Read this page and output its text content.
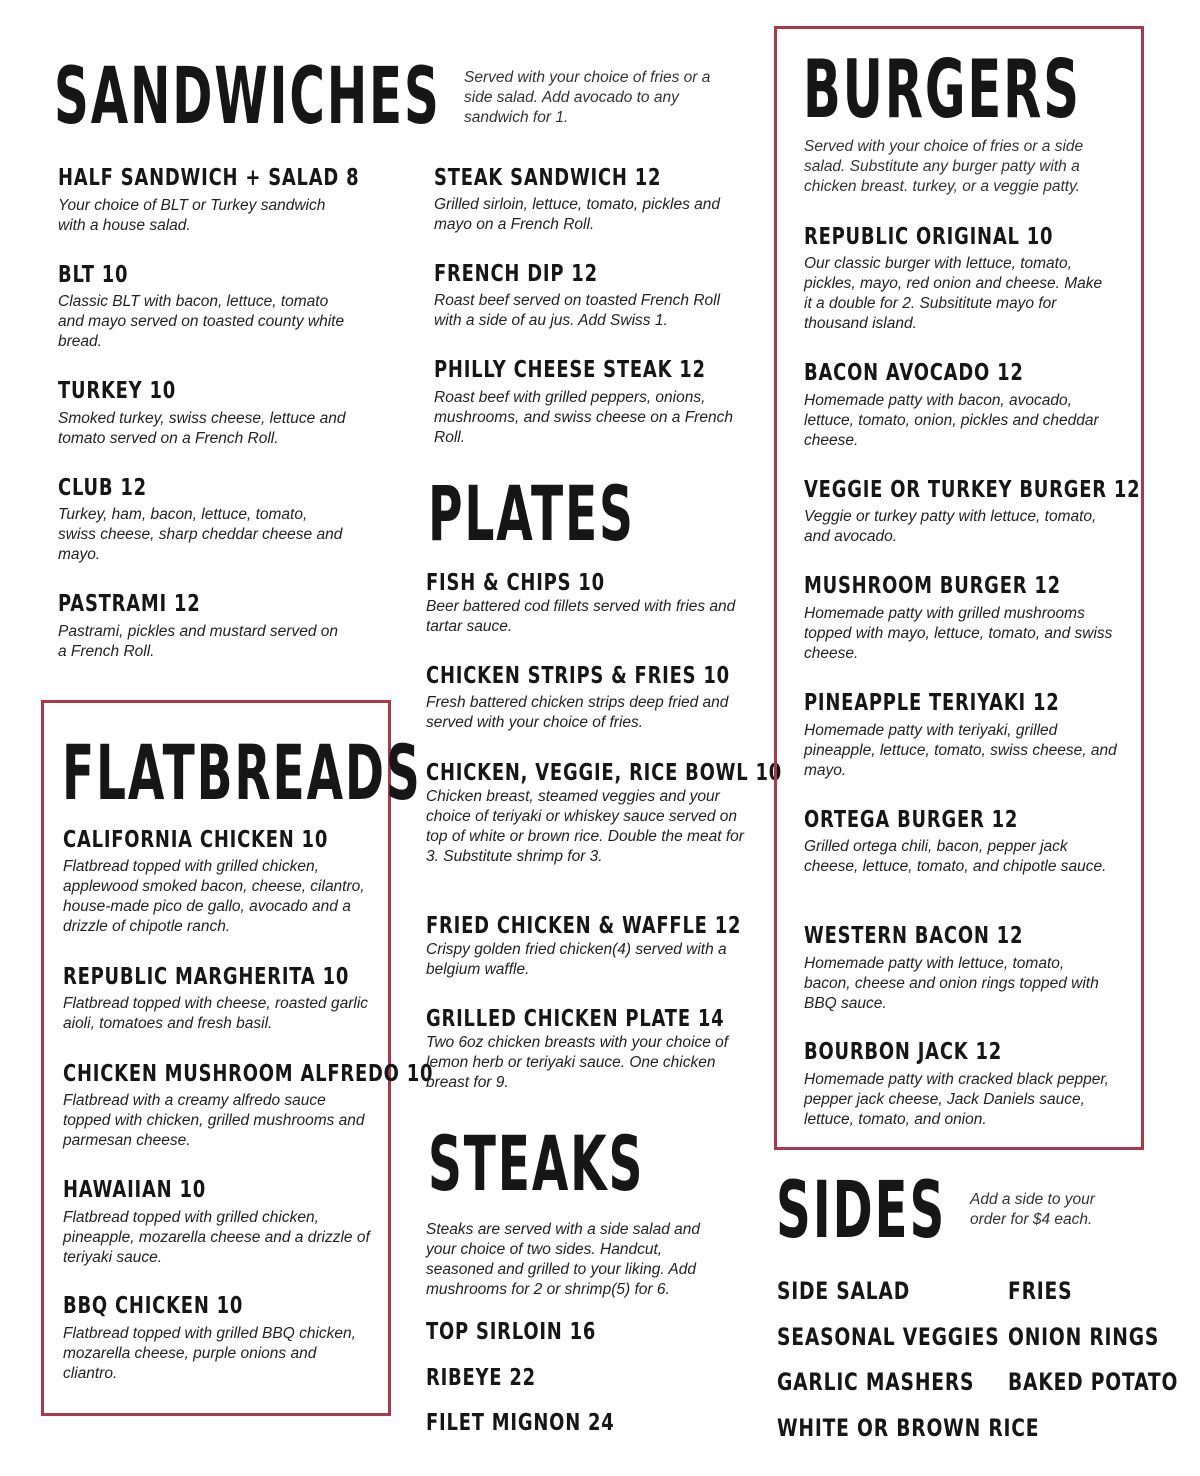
SANDWICHES Served with your choice of fries or a side salad. Add avocado to any sandwich for 1.
HALF SANDWICH + SALAD 8
Your choice of BLT or Turkey sandwich with a house salad.
BLT 10
Classic BLT with bacon, lettuce, tomato and mayo served on toasted county white bread.
TURKEY 10
Smoked turkey, swiss cheese, lettuce and tomato served on a French Roll.
CLUB 12
Turkey, ham, bacon, lettuce, tomato, swiss cheese, sharp cheddar cheese and mayo.
PASTRAMI 12
Pastrami, pickles and mustard served on a French Roll.
STEAK SANDWICH 12
Grilled sirloin, lettuce, tomato, pickles and mayo on a French Roll.
FRENCH DIP 12
Roast beef served on toasted French Roll with a side of au jus. Add Swiss 1.
PHILLY CHEESE STEAK 12
Roast beef with grilled peppers, onions, mushrooms, and swiss cheese on a French Roll.
FLATBREADS
CALIFORNIA CHICKEN 10
Flatbread topped with grilled chicken, applewood smoked bacon, cheese, cilantro, house-made pico de gallo, avocado and a drizzle of chipotle ranch.
REPUBLIC MARGHERITA 10
Flatbread topped with cheese, roasted garlic aioli, tomatoes and fresh basil.
CHICKEN MUSHROOM ALFREDO 10
Flatbread with a creamy alfredo sauce topped with chicken, grilled mushrooms and parmesan cheese.
HAWAIIAN 10
Flatbread topped with grilled chicken, pineapple, mozarella cheese and a drizzle of teriyaki sauce.
BBQ CHICKEN 10
Flatbread topped with grilled BBQ chicken, mozarella cheese, purple onions and cliantro.
PLATES
FISH & CHIPS 10
Beer battered cod fillets served with fries and tartar sauce.
CHICKEN STRIPS & FRIES 10
Fresh battered chicken strips deep fried and served with your choice of fries.
CHICKEN, VEGGIE, RICE BOWL 10
Chicken breast, steamed veggies and your choice of teriyaki or whiskey sauce served on top of white or brown rice. Double the meat for 3. Substitute shrimp for 3.
FRIED CHICKEN & WAFFLE 12
Crispy golden fried chicken(4) served with a belgium waffle.
GRILLED CHICKEN PLATE 14
Two 6oz chicken breasts with your choice of lemon herb or teriyaki sauce. One chicken breast for 9.
STEAKS
Steaks are served with a side salad and your choice of two sides. Handcut, seasoned and grilled to your liking. Add mushrooms for 2 or shrimp(5) for 6.
TOP SIRLOIN 16
RIBEYE 22
FILET MIGNON 24
BURGERS
Served with your choice of fries or a side salad. Substitute any burger patty with a chicken breast. turkey, or a veggie patty.
REPUBLIC ORIGINAL 10
Our classic burger with lettuce, tomato, pickles, mayo, red onion and cheese. Make it a double for 2. Subsititute mayo for thousand island.
BACON AVOCADO 12
Homemade patty with bacon, avocado, lettuce, tomato, onion, pickles and cheddar cheese.
VEGGIE OR TURKEY BURGER 12
Veggie or turkey patty with lettuce, tomato, and avocado.
MUSHROOM BURGER 12
Homemade patty with grilled mushrooms topped with mayo, lettuce, tomato, and swiss cheese.
PINEAPPLE TERIYAKI 12
Homemade patty with teriyaki, grilled pineapple, lettuce, tomato, swiss cheese, and mayo.
ORTEGA BURGER 12
Grilled ortega chili, bacon, pepper jack cheese, lettuce, tomato, and chipotle sauce.
WESTERN BACON 12
Homemade patty with lettuce, tomato, bacon, cheese and onion rings topped with BBQ sauce.
BOURBON JACK 12
Homemade patty with cracked black pepper, pepper jack cheese, Jack Daniels sauce, lettuce, tomato, and onion.
SIDES Add a side to your order for $4 each.
SIDE SALAD
SEASONAL VEGGIES
GARLIC MASHERS
WHITE OR BROWN RICE
FRIES
ONION RINGS
BAKED POTATO
